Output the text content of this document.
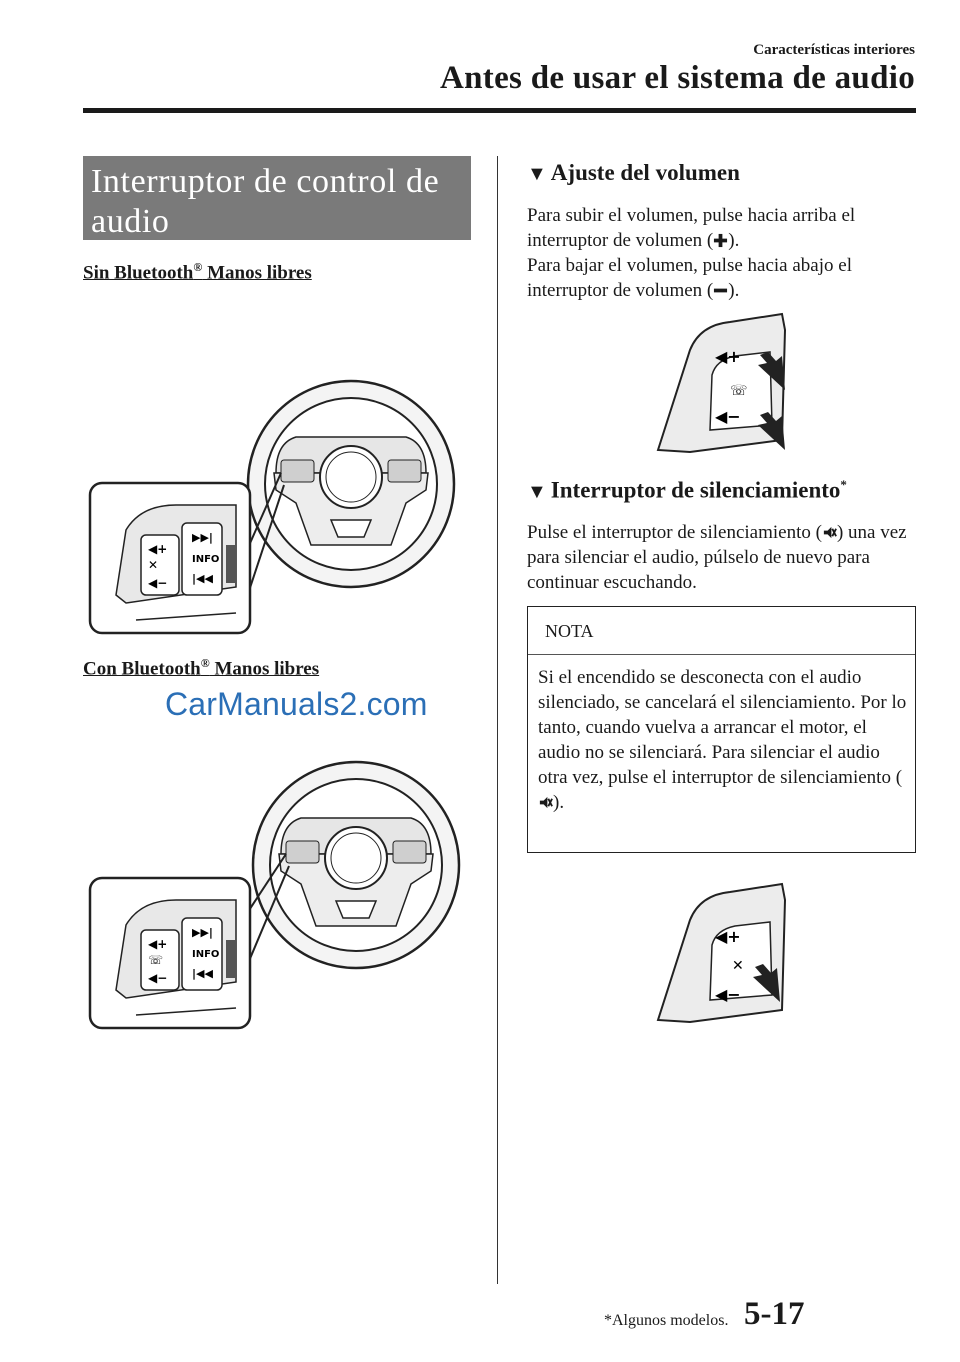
Características interiores
Antes de usar el sistema de audio
Interruptor de control de audio
Sin Bluetooth® Manos libres
◀+
✕
◀−
▶▶|
INFO
|◀◀
Con Bluetooth® Manos libres
CarManuals2.com
◀+
☏
◀−
▶▶|
INFO
|◀◀
▼ Ajuste del volumen
Para subir el volumen, pulse hacia arriba el interruptor de volumen ( ).
Para bajar el volumen, pulse hacia abajo el interruptor de volumen ( ).
◀+
☏
◀−
▼ Interruptor de silenciamiento*
Pulse el interruptor de silenciamiento ( ) una vez para silenciar el audio, púlselo de nuevo para continuar escuchando.
NOTA
Si el encendido se desconecta con el audio silenciado, se cancelará el silenciamiento. Por lo tanto, cuando vuelva a arrancar el motor, el audio no se silenciará. Para silenciar el audio otra vez, pulse el interruptor de silenciamiento ().
◀+
✕
◀−
*Algunos modelos. 5-17
